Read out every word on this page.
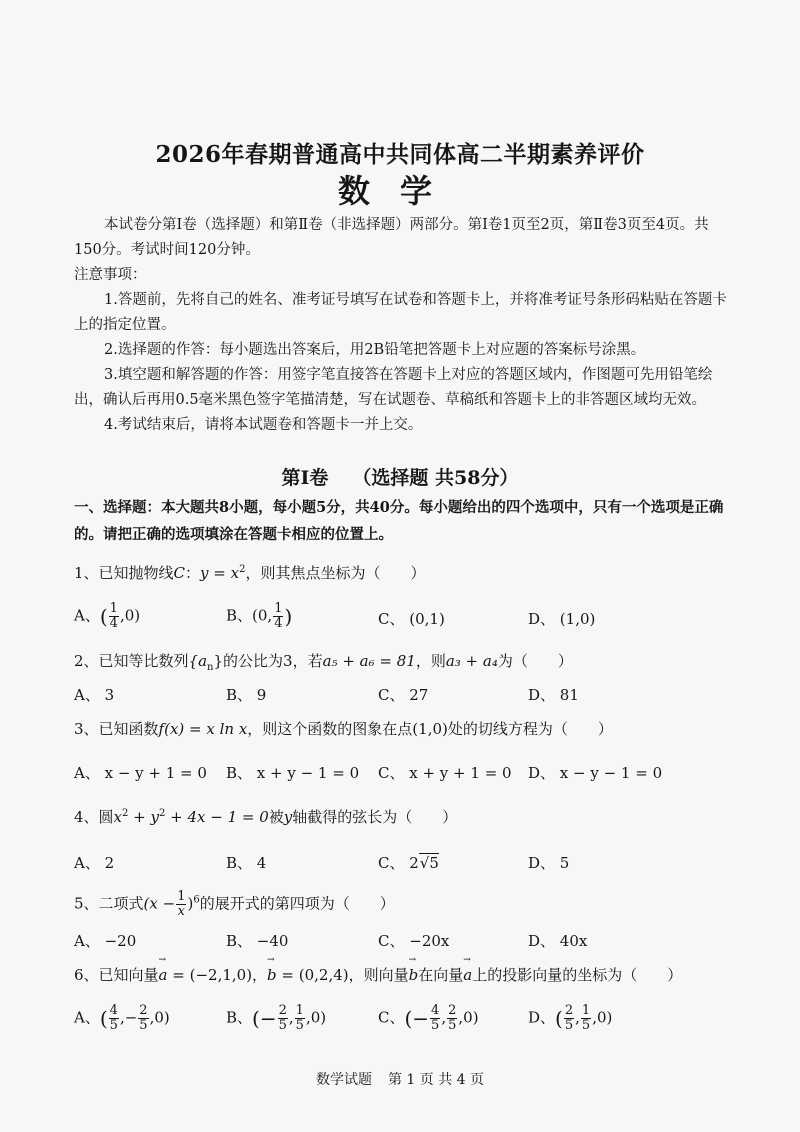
2026年春期普通高中共同体高二半期素养评价
数学

本试卷分第Ⅰ卷（选择题）和第Ⅱ卷（非选择题）两部分。第Ⅰ卷1页至2页，第Ⅱ卷3页至4页。共150分。考试时间120分钟。

注意事项：

1.答题前，先将自己的姓名、准考证号填写在试卷和答题卡上，并将准考证号条形码粘贴在答题卡上的指定位置。

2.选择题的作答：每小题选出答案后，用2B铅笔把答题卡上对应题的答案标号涂黑。

3.填空题和解答题的作答：用签字笔直接答在答题卡上对应的答题区域内，作图题可先用铅笔绘出，确认后再用0.5毫米黑色签字笔描清楚，写在试题卷、草稿纸和答题卡上的非答题区域均无效。

4.考试结束后，请将本试题卷和答题卡一并上交。

第Ⅰ卷 （选择题 共58分）
一、选择题：本大题共8小题，每小题5分，共40分。每小题给出的四个选项中，只有一个选项是正确的。请把正确的选项填涂在答题卡相应的位置上。
1、已知抛物线C：$y = x^2$，则其焦点坐标为（　　）
A、( $\frac{1}{4} ,0$)	B、(0, $\frac{1}{4}$ )	C、 (0,1)	D、 (1,0)
2、已知等比数列$\{a_n\}$的公比为3，若a₅ + a₆ = 81，则a₃ + a₄为（　　）
A、 3	B、 9	C、 27	D、 81
3、已知函数f(x) = x ln x，则这个函数的图象在点(1,0)处的切线方程为（　　）
A、 x − y + 1 = 0 B、 x + y − 1 = 0 C、 x + y + 1 = 0 D、 x − y − 1 = 0
4、圆$x^2 + y^2 + 4x - 1 = 0$被y轴截得的弦长为（　　）
A、 2	B、 4	C、 2√5	D、 5
5、二项式$(x - \frac{1}{x} )^6$的展开式的第四项为（　　）
A、 −20	B、 −40	C、 −20x	D、 40x
6、已知向量→ a = (−2,1,0)，→ b = (0,2,4)，则向量→ b在向量→ a上的投影向量的坐标为（　　）
A、( $\frac{4}{5}$ ,− $\frac{2}{5} ,0$)	B、(− $\frac{2}{5}$ , $\frac{1}{5} ,0$)	C、(− $\frac{4}{5}$ , $\frac{2}{5} ,0$)	D、( $\frac{2}{5}$ , $\frac{1}{5} ,0$)
数学试题 第 1 页 共 4 页
